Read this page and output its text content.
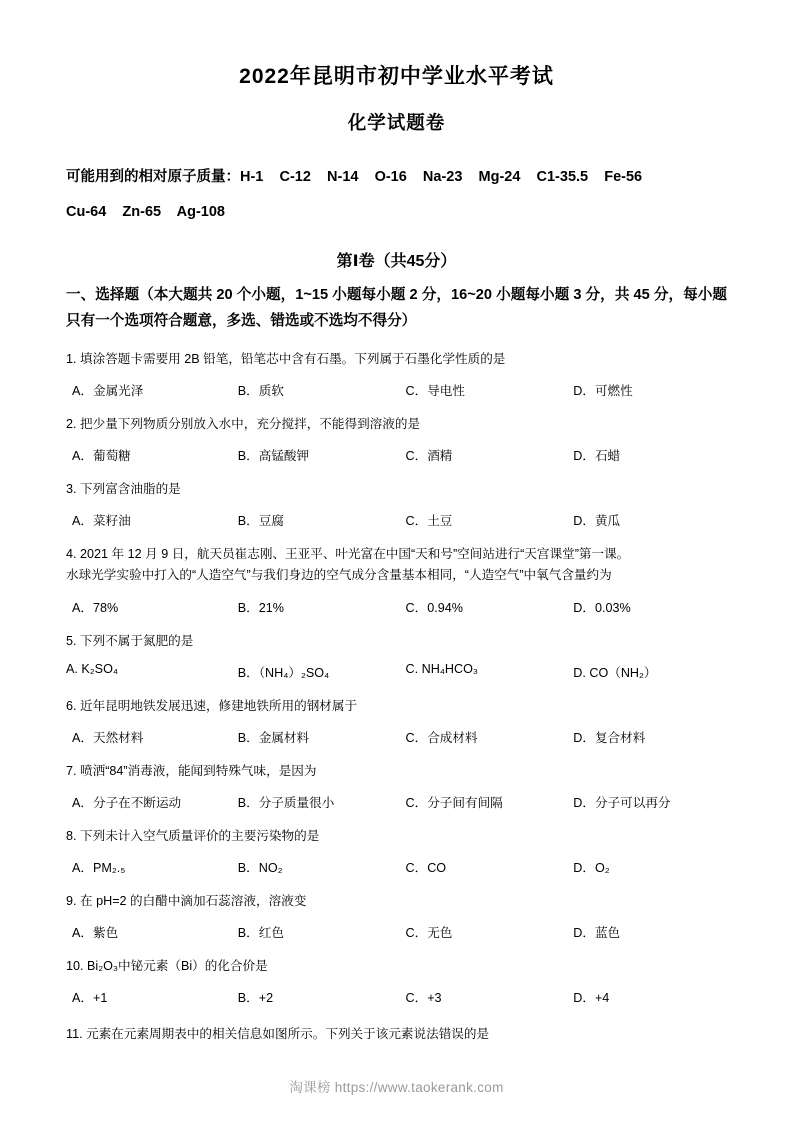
2022年昆明市初中学业水平考试
化学试题卷
可能用到的相对原子质量：H-1    C-12    N-14    O-16    Na-23    Mg-24    C1-35.5    Fe-56
Cu-64    Zn-65    Ag-108
第Ⅰ卷（共45分）
一、选择题（本大题共 20 个小题，1~15 小题每小题 2 分，16~20 小题每小题 3 分，共 45 分，每小题只有一个选项符合题意，多选、错选或不选均不得分）
1. 填涂答题卡需要用 2B 铅笔，铅笔芯中含有石墨。下列属于石墨化学性质的是
A．金属光泽	B．质软	C．导电性	D．可燃性
2. 把少量下列物质分别放入水中，充分搅拌，不能得到溶液的是
A．葡萄糖	B．高锰酸钾	C．酒精	D．石蜡
3. 下列富含油脂的是
A．菜籽油	B．豆腐	C．土豆	D．黄瓜
4. 2021 年 12 月 9 日，航天员崔志刚、王亚平、叶光富在中国“天和号”空间站进行“天宫课堂”第一课。
水球光学实验中打入的“人造空气”与我们身边的空气成分含量基本相同，“人造空气”中氧气含量约为
A．78%	B．21%	C．0.94%	D．0.03%
5. 下列不属于氮肥的是
A. K₂SO₄	B．（NH₄）₂SO₄	C. NH₄HCO₃	D. CO（NH₂）
6. 近年昆明地铁发展迅速，修建地铁所用的钢材属于
A．天然材料	B．金属材料	C．合成材料	D．复合材料
7. 喷洒“84”消毒液，能闻到特殊气味，是因为
A．分子在不断运动	B．分子质量很小	C．分子间有间隔	D．分子可以再分
8. 下列未计入空气质量评价的主要污染物的是
A．PM₂.₅	B．NO₂	C．CO	D．O₂
9. 在 pH=2 的白醋中滴加石蕊溶液，溶液变
A．紫色	B．红色	C．无色	D．蓝色
10. Bi₂O₃中铋元素（Bi）的化合价是
A．+1	B．+2	C．+3	D．+4
11. 元素在元素周期表中的相关信息如图所示。下列关于该元素说法错误的是
淘课榜 https://www.taokerank.com
